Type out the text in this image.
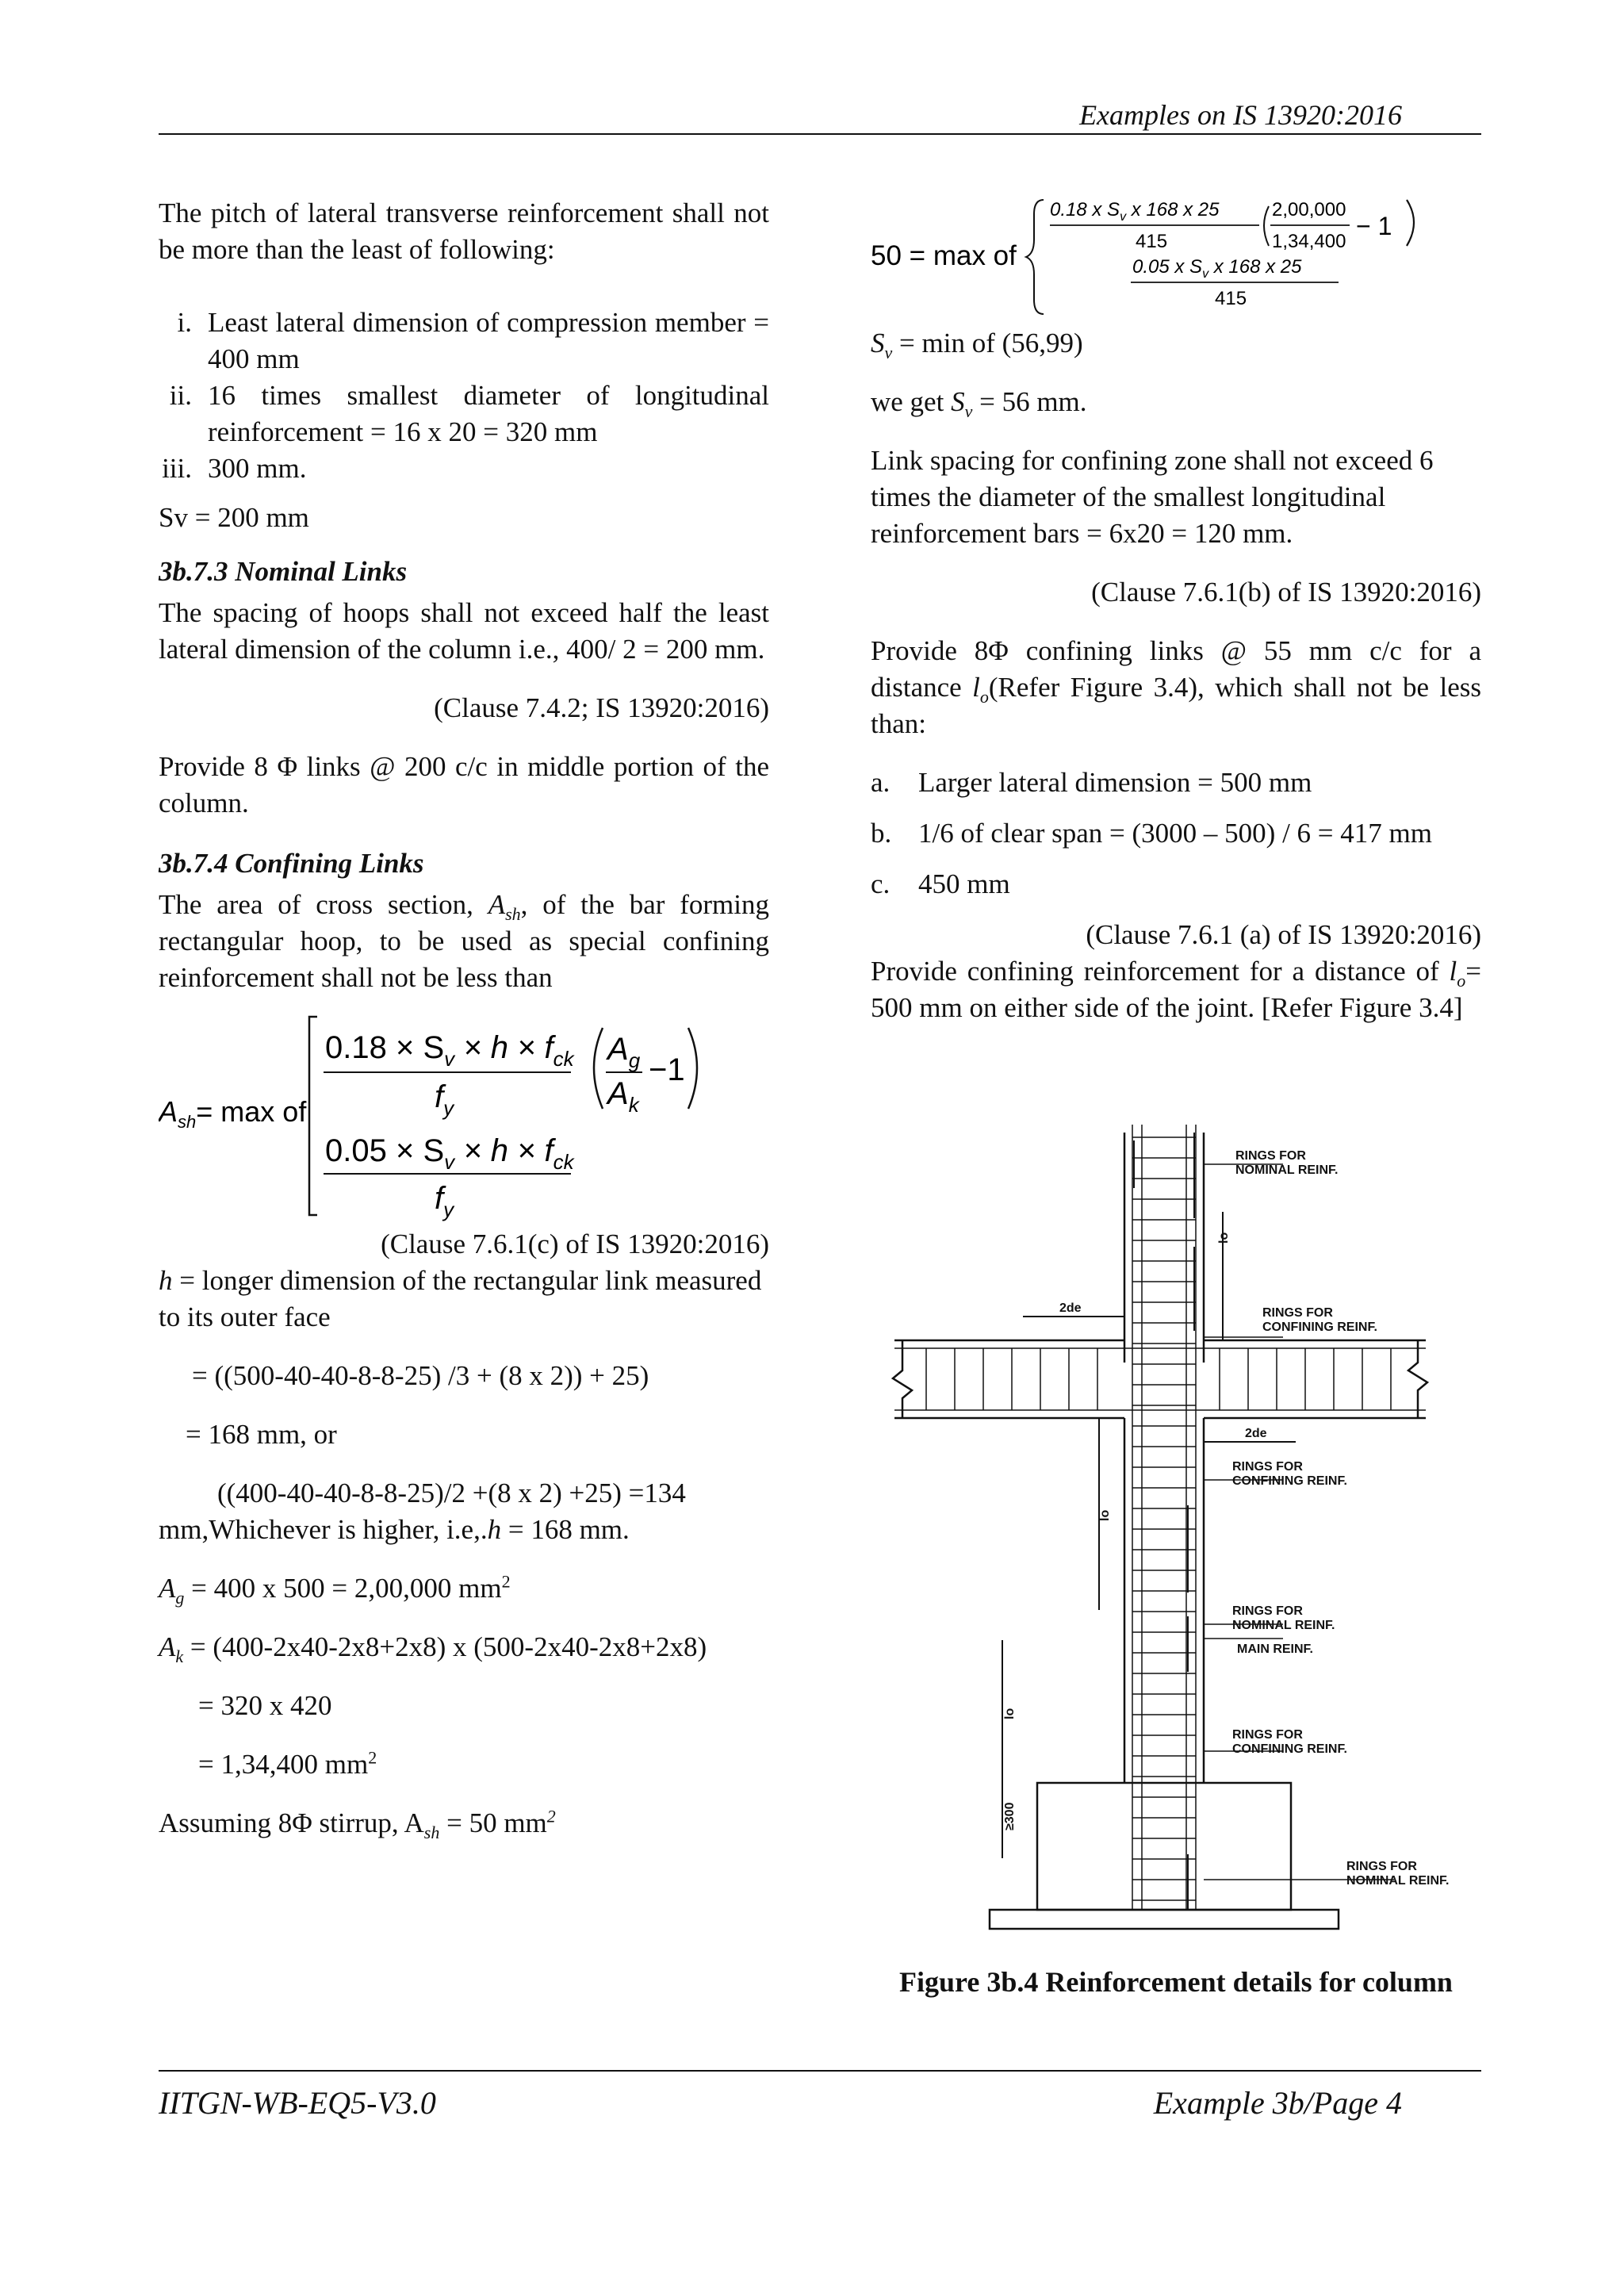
Examples on IS 13920:2016

The pitch of lateral transverse reinforcement shall not be more than the least of following:

i. Least lateral dimension of compression member = 400 mm
ii. 16 times smallest diameter of longitudinal reinforcement = 16 x 20 = 320 mm
iii. 300 mm.

Sv = 200 mm

3b.7.3 Nominal Links

The spacing of hoops shall not exceed half the least lateral dimension of the column i.e., 400/ 2 = 200 mm.

(Clause 7.4.2; IS 13920:2016)

Provide 8 Φ links @ 200 c/c in middle portion of the column.

3b.7.4 Confining Links

The area of cross section, $A_{sh}$, of the bar forming rectangular hoop, to be used as special confining reinforcement shall not be less than

$A_{sh}= \max$ of
$0.18 \times S_v \times h \times f_{ck}$
$f_y$
$A_g$
$A_k$
−1
$0.05 \times S_v \times h \times f_{ck}$
$f_y$

(Clause 7.6.1(c) of IS 13920:2016)

h = longer dimension of the rectangular link measured to its outer face

= ((500-40-40-8-8-25) /3 + (8 x 2)) + 25)

= 168 mm, or

((400-40-40-8-8-25)/2 +(8 x 2) +25) =134 mm,Whichever is higher, i.e,.h = 168 mm.

$A_g = 400$ x 500 = 2,00,000 $mm^2$

$A_k = (400-2x40-2x8+2x8)$ x (500-2x40-2x8+2x8)

= 320 x 420

= 1,34,400 $mm^2$

Assuming 8Φ stirrup, $A_{sh} = 50$ $mm^2$

50 = max of
0.18 x $S_v$ x 168 x 25
415
2,00,000
1,34,400
− 1
0.05 x $S_v$ x 168 x 25
415

$S_v = \min$ of (56,99)

we get $S_v = 56$ mm.

Link spacing for confining zone shall not exceed 6 times the diameter of the smallest longitudinal reinforcement bars = 6x20 = 120 mm.

(Clause 7.6.1(b) of IS 13920:2016)

Provide 8Φ confining links @ 55 mm c/c for a distance $l_o(Refer$ Figure 3.4), which shall not be less than:

a. Larger lateral dimension = 500 mm
b. 1/6 of clear span = (3000 – 500) / 6 = 417 mm
c. 450 mm

(Clause 7.6.1 (a) of IS 13920:2016)

Provide confining reinforcement for a distance of $l_o= 500$ mm on either side of the joint. [Refer Figure 3.4]

RINGS FOR
NOMINAL REINF.
RINGS FOR
CONFINING REINF.
RINGS FOR
CONFINING REINF.
RINGS FOR
NOMINAL REINF.
MAIN REINF.
RINGS FOR
CONFINING REINF.
RINGS FOR
NOMINAL REINF.
2de
2de
lo
lo
lo
≥300
Figure 3b.4 Reinforcement details for column
IITGN-WB-EQ5-V3.0	Example 3b/Page 4
